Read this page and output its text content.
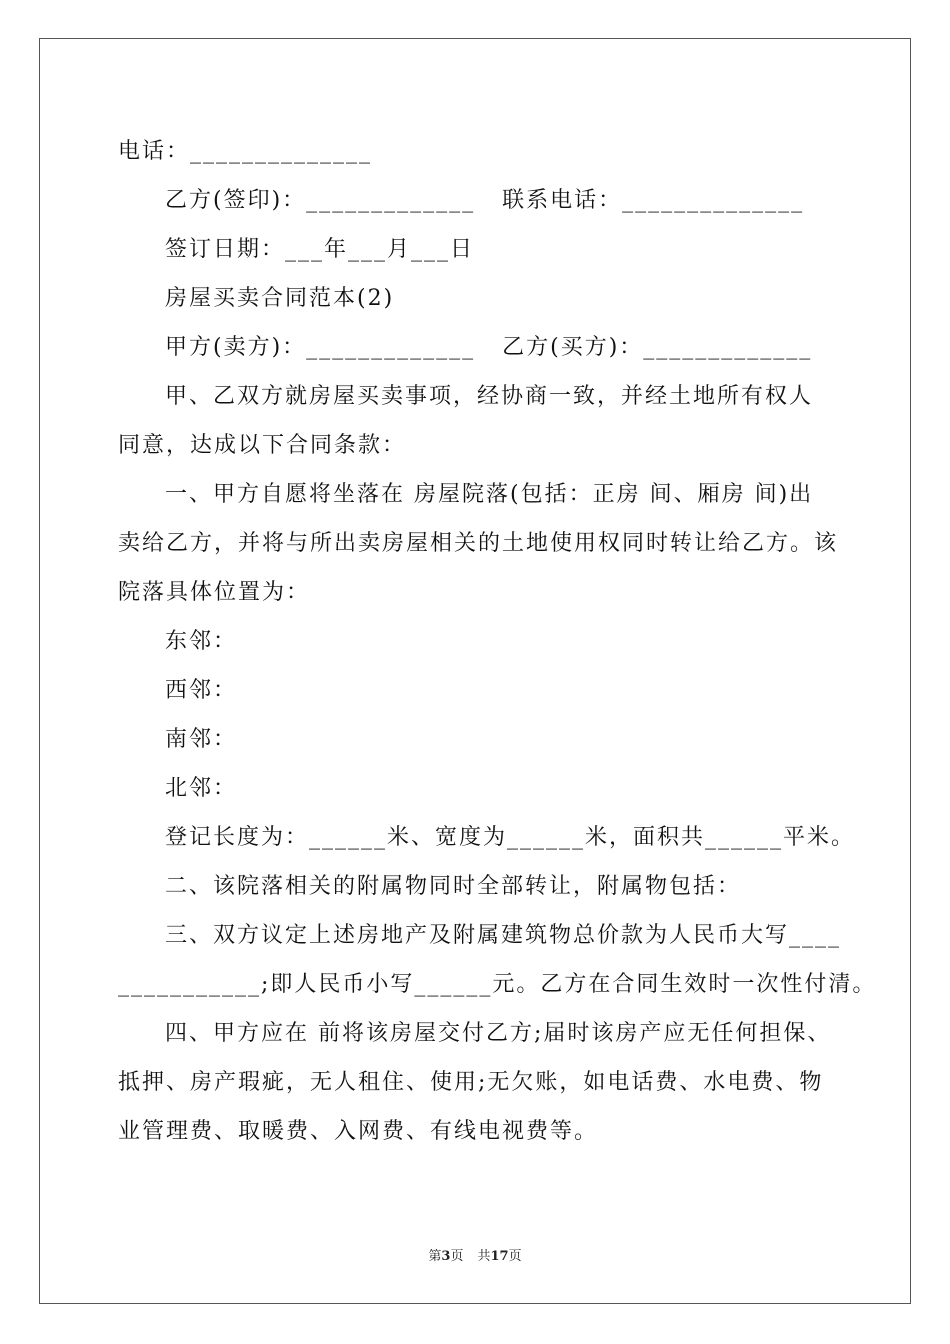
电话：______________
乙方(签印)：_____________   联系电话：______________
签订日期：___年___月___日
房屋买卖合同范本(2)
甲方(卖方)：_____________   乙方(买方)：_____________
甲、乙双方就房屋买卖事项，经协商一致，并经土地所有权人
同意，达成以下合同条款：
一、甲方自愿将坐落在 房屋院落(包括：正房 间、厢房 间)出
卖给乙方，并将与所出卖房屋相关的土地使用权同时转让给乙方。该
院落具体位置为：
东邻：
西邻：
南邻：
北邻：
登记长度为：______米、宽度为______米，面积共______平米。
二、该院落相关的附属物同时全部转让，附属物包括：
三、双方议定上述房地产及附属建筑物总价款为人民币大写____
___________;即人民币小写______元。乙方在合同生效时一次性付清。
四、甲方应在 前将该房屋交付乙方;届时该房产应无任何担保、
抵押、房产瑕疵，无人租住、使用;无欠账，如电话费、水电费、物
业管理费、取暖费、入网费、有线电视费等。
第3页 共17页
